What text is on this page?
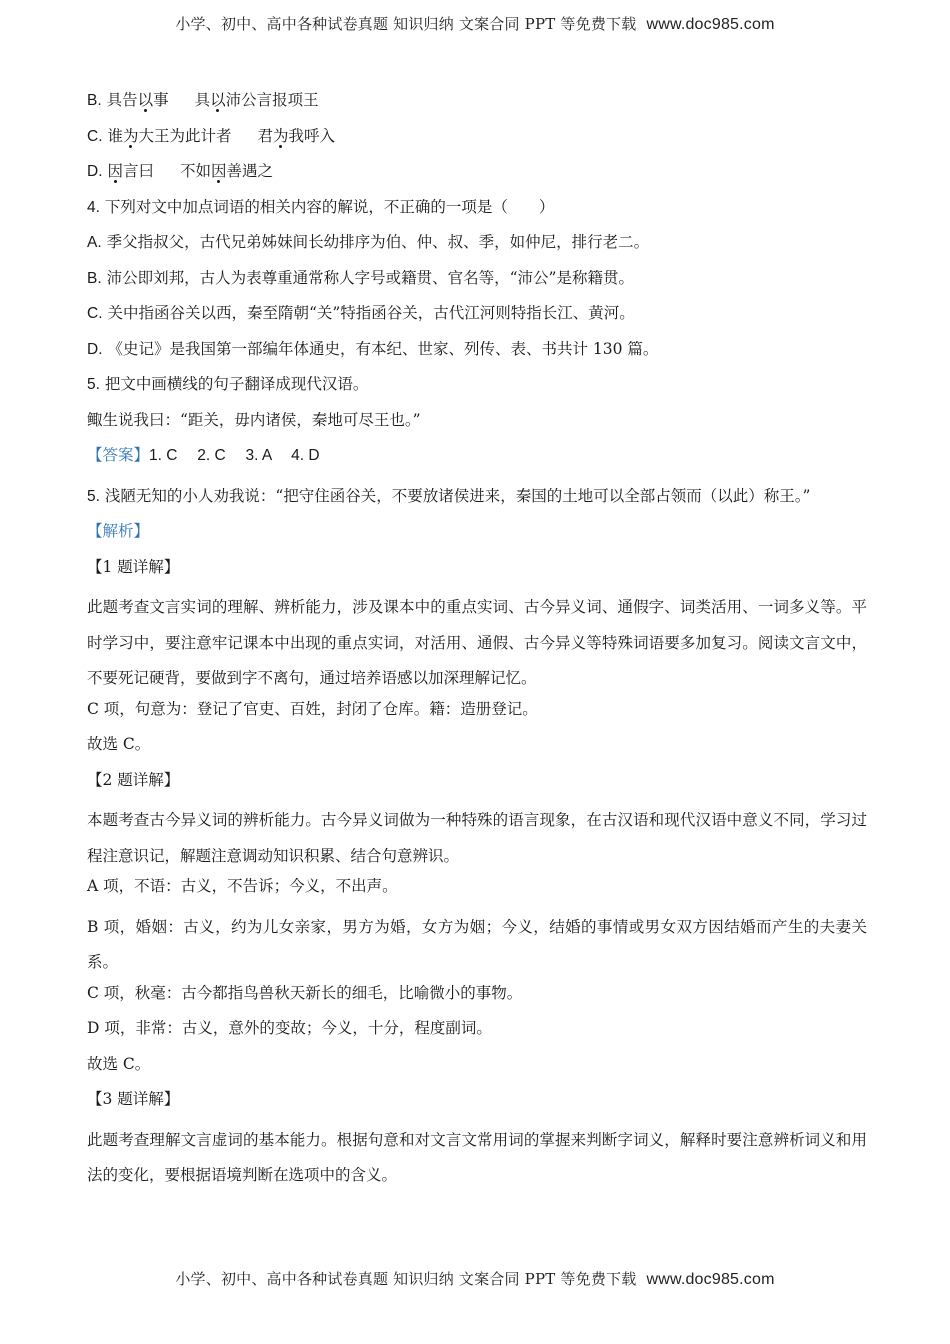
小学、初中、高中各种试卷真题 知识归纳 文案合同 PPT 等免费下载 www.doc985.com
B. 具告以事 具以沛公言报项王
C. 谁为大王为此计者 君为我呼入
D. 因言曰 不如因善遇之
4. 下列对文中加点词语的相关内容的解说，不正确的一项是（　　）
A. 季父指叔父，古代兄弟姊妹间长幼排序为伯、仲、叔、季，如仲尼，排行老二。
B. 沛公即刘邦，古人为表尊重通常称人字号或籍贯、官名等，“沛公”是称籍贯。
C. 关中指函谷关以西，秦至隋朝“关”特指函谷关，古代江河则特指长江、黄河。
D. 《史记》是我国第一部编年体通史，有本纪、世家、列传、表、书共计 130 篇。
5. 把文中画横线的句子翻译成现代汉语。
鲰生说我曰：“距关，毋内诸侯，秦地可尽王也。”
【答案】1. C　 2. C　 3. A　 4. D
5. 浅陋无知的小人劝我说：“把守住函谷关，不要放诸侯进来，秦国的土地可以全部占领而（以此）称王。”
【解析】
【1 题详解】
此题考查文言实词的理解、辨析能力，涉及课本中的重点实词、古今异义词、通假字、词类活用、一词多义等。平时学习中，要注意牢记课本中出现的重点实词，对活用、通假、古今异义等特殊词语要多加复习。阅读文言文中，不要死记硬背，要做到字不离句，通过培养语感以加深理解记忆。
C 项，句意为：登记了官吏、百姓，封闭了仓库。籍：造册登记。
故选 C。
【2 题详解】
本题考查古今异义词的辨析能力。古今异义词做为一种特殊的语言现象，在古汉语和现代汉语中意义不同，学习过程注意识记，解题注意调动知识积累、结合句意辨识。
A 项，不语：古义，不告诉；今义，不出声。
B 项，婚姻：古义，约为儿女亲家，男方为婚，女方为姻；今义，结婚的事情或男女双方因结婚而产生的夫妻关系。
C 项，秋毫：古今都指鸟兽秋天新长的细毛，比喻微小的事物。
D 项，非常：古义，意外的变故；今义，十分，程度副词。
故选 C。
【3 题详解】
此题考查理解文言虚词的基本能力。根据句意和对文言文常用词的掌握来判断字词义，解释时要注意辨析词义和用法的变化，要根据语境判断在选项中的含义。
小学、初中、高中各种试卷真题 知识归纳 文案合同 PPT 等免费下载 www.doc985.com
